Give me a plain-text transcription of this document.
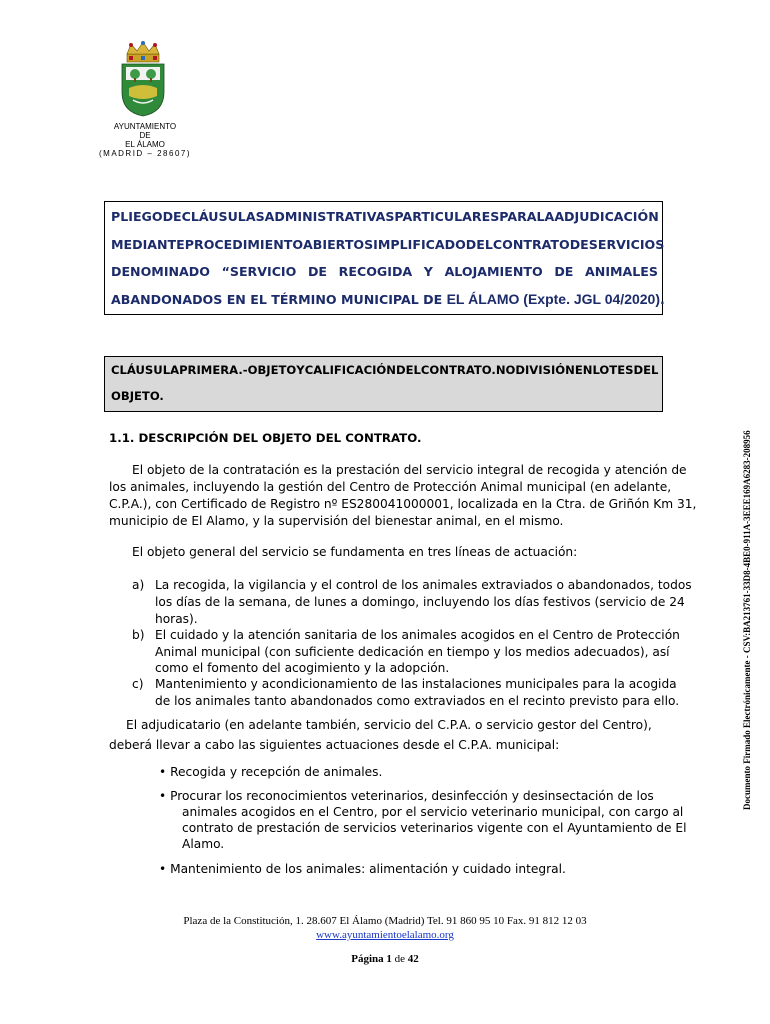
AYUNTAMIENTO
DE
EL ÁLAMO
(MADRID – 28607)
PLIEGO DE CLÁUSULAS ADMINISTRATIVAS PARTICULARES PARA LA ADJUDICACIÓN
MEDIANTE PROCEDIMIENTO ABIERTO SIMPLIFICADO DEL CONTRATO DE SERVICIOS
DENOMINADO “SERVICIO DE RECOGIDA Y ALOJAMIENTO DE ANIMALES
ABANDONADOS EN EL TÉRMINO MUNICIPAL DE EL ÁLAMO (Expte. JGL 04/2020).
CLÁUSULA PRIMERA.- OBJETO Y CALIFICACIÓN DEL CONTRATO. NO DIVISIÓN EN LOTES DEL
OBJETO.
1.1. DESCRIPCIÓN DEL OBJETO DEL CONTRATO.
El objeto de la contratación es la prestación del servicio integral de recogida y atención de
los animales, incluyendo la gestión del Centro de Protección Animal municipal (en adelante,
C.P.A.), con Certificado de Registro nº ES280041000001, localizada en la Ctra. de Griñón Km 31,
municipio de El Alamo, y la supervisión del bienestar animal, en el mismo.
El objeto general del servicio se fundamenta en tres líneas de actuación:
a) La recogida, la vigilancia y el control de los animales extraviados o abandonados, todos
los días de la semana, de lunes a domingo, incluyendo los días festivos (servicio de 24
horas).
b) El cuidado y la atención sanitaria de los animales acogidos en el Centro de Protección
Animal municipal (con suficiente dedicación en tiempo y los medios adecuados), así
como el fomento del acogimiento y la adopción.
c) Mantenimiento y acondicionamiento de las instalaciones municipales para la acogida
de los animales tanto abandonados como extraviados en el recinto previsto para ello.
El adjudicatario (en adelante también, servicio del C.P.A. o servicio gestor del Centro),
deberá llevar a cabo las siguientes actuaciones desde el C.P.A. municipal:
• Recogida y recepción de animales.
• Procurar los reconocimientos veterinarios, desinfección y desinsectación de los
animales acogidos en el Centro, por el servicio veterinario municipal, con cargo al
contrato de prestación de servicios veterinarios vigente con el Ayuntamiento de El
Alamo.
• Mantenimiento de los animales: alimentación y cuidado integral.
Documento Firmado Electrónicamente - CSV:BA213761-33D8-4BE0-911A-3EEE169A6283-208956
Plaza de la Constitución, 1. 28.607 El Álamo (Madrid) Tel. 91 860 95 10 Fax. 91 812 12 03
www.ayuntamientoelalamo.org
Página 1 de 42
